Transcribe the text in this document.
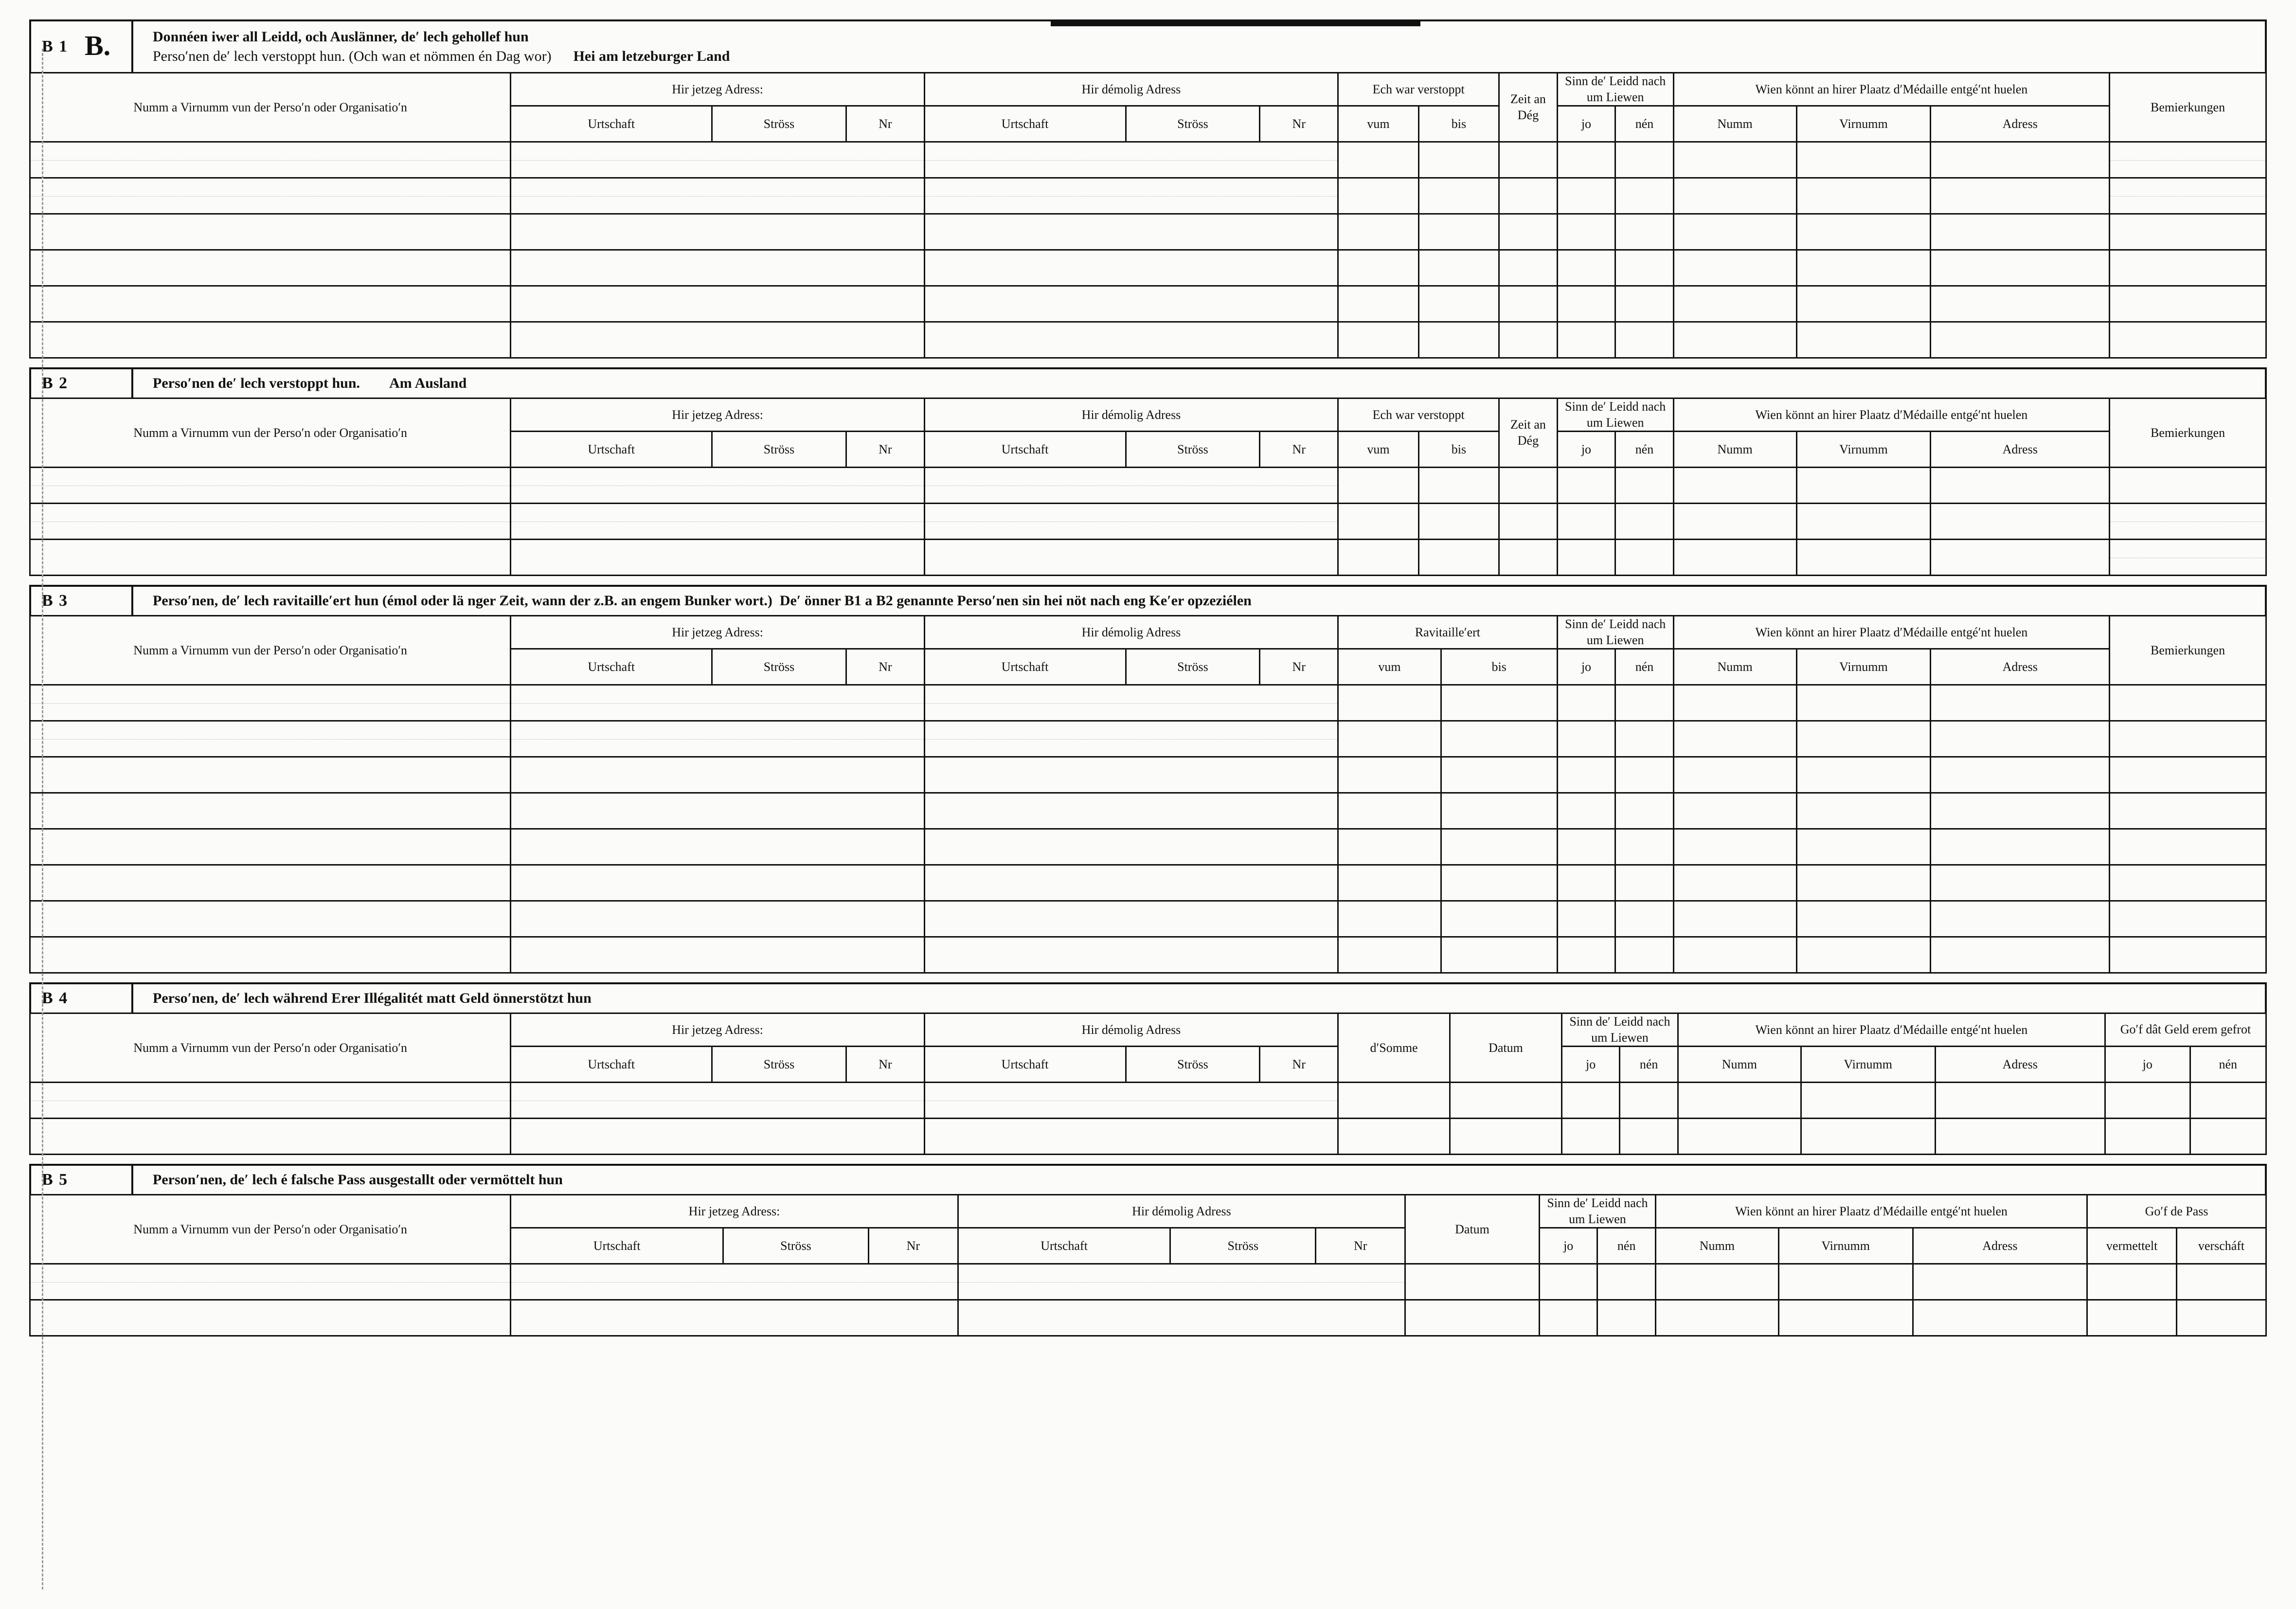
B 1 B.	Donnéen iwer all Leidd, och Auslänner, de′ lech gehollef hun
Perso′nen de′ lech verstoppt hun. (Och wan et nömmen én Dag wor) Hei am letzeburger Land
Numm a Virnumm vun der Perso′n oder Organisatio′n	Hir jetzeg Adress:			Hir démolig Adress			Ech war verstoppt		Zeit an Dég	Sinn de′ Leidd nach um Liewen		Wien könnt an hirer Plaatz d′Médaille entgé′nt huelen			Bemierkungen
	Urtschaft	Ströss	Nr	Urtschaft	Ströss	Nr	vum	bis		jo	nén	Numm	Virnumm	Adress	

B 2	Perso′nen de′ lech verstoppt hun.
Am Ausland
Numm a Virnumm vun der Perso′n oder Organisatio′n	Hir jetzeg Adress:			Hir démolig Adress			Ech war verstoppt		Zeit an Dég	Sinn de′ Leidd nach um Liewen		Wien könnt an hirer Plaatz d′Médaille entgé′nt huelen			Bemierkungen
	Urtschaft	Ströss	Nr	Urtschaft	Ströss	Nr	vum	bis		jo	nén	Numm	Virnumm	Adress	

B 3	Perso′nen, de′ lech ravitaille′ert hun (émol oder lä nger Zeit, wann der z.B. an engem Bunker wort.)
De′ önner B1 a B2 genannte Perso′nen sin hei nöt nach eng Ke′er opzeziélen
Numm a Virnumm vun der Perso′n oder Organisatio′n	Hir jetzeg Adress:			Hir démolig Adress			Ravitaille′ert		Sinn de′ Leidd nach um Liewen		Wien könnt an hirer Plaatz d′Médaille entgé′nt huelen			Bemierkungen
	Urtschaft	Ströss	Nr	Urtschaft	Ströss	Nr	vum	bis	jo	nén	Numm	Virnumm	Adress	

B 4	Perso′nen, de′ lech während Erer Illégalitét matt Geld önnerstötzt hun
Numm a Virnumm vun der Perso′n oder Organisatio′n	Hir jetzeg Adress:			Hir démolig Adress			d′Somme	Datum	Sinn de′ Leidd nach um Liewen		Wien könnt an hirer Plaatz d′Médaille entgé′nt huelen			Go′f dât Geld erem gefrot	
	Urtschaft	Ströss	Nr	Urtschaft	Ströss	Nr			jo	nén	Numm	Virnumm	Adress	jo	nén

B 5	Person′nen, de′ lech é falsche Pass ausgestallt oder vermöttelt hun
Numm a Virnumm vun der Perso′n oder Organisatio′n	Hir jetzeg Adress:			Hir démolig Adress			Datum	Sinn de′ Leidd nach um Liewen		Wien könnt an hirer Plaatz d′Médaille entgé′nt huelen			Go′f de Pass	
	Urtschaft	Ströss	Nr	Urtschaft	Ströss	Nr		jo	nén	Numm	Virnumm	Adress	vermettelt	verscháft
